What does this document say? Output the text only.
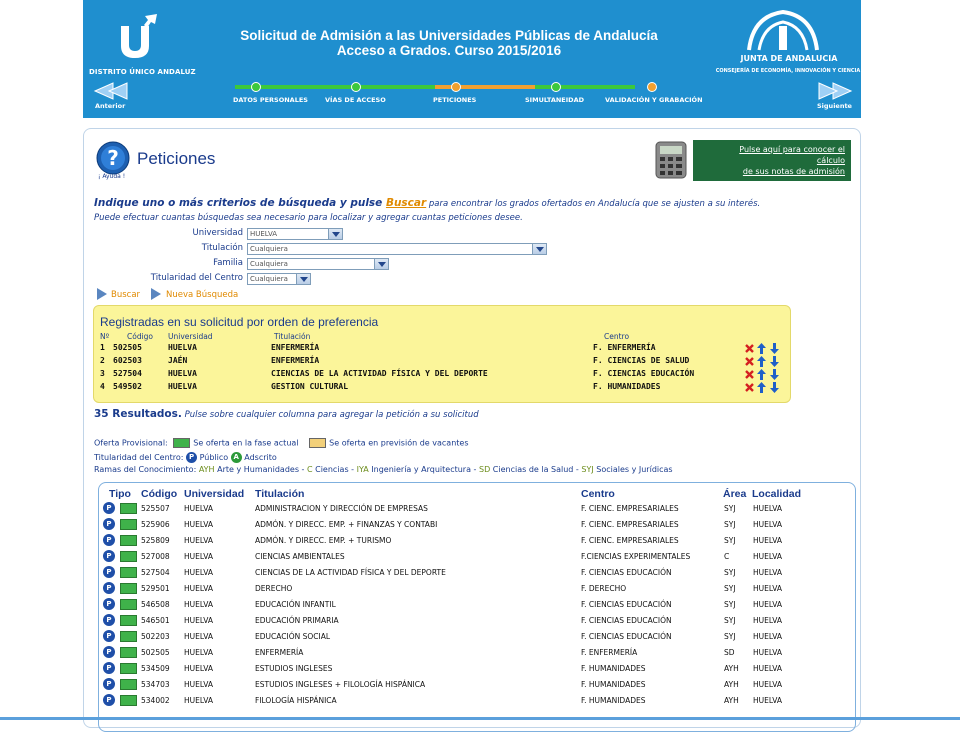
DISTRITO ÚNICO ANDALUZ
Solicitud de Admisión a las Universidades Públicas de Andalucía
Acceso a Grados. Curso 2015/2016
JUNTA DE ANDALUCIA
CONSEJERÍA DE ECONOMÍA, INNOVACIÓN Y CIENCIA
Anterior	Siguiente
DATOS PERSONALES	VÍAS DE ACCESO	PETICIONES	SIMULTANEIDAD	VALIDACIÓN Y GRABACIÓN
?
¡ Ayuda !
Peticiones	Pulse aquí para conocer el
cálculo
de sus notas de admisión
Indique uno o más criterios de búsqueda y pulse Buscar para encontrar los grados ofertados en Andalucía que se ajusten a su interés.
Puede efectuar cuantas búsquedas sea necesario para localizar y agregar cuantas peticiones desee.
Universidad	HUELVA
Titulación	Cualquiera
Familia	Cualquiera
Titularidad del Centro	Cualquiera
Buscar	Nueva Búsqueda
Registradas en su solicitud por orden de preferencia
Nº Código Universidad	Titulación	Centro
1 502505	HUELVA	ENFERMERÍA	F. ENFERMERÍA
2 602503	JAÉN	ENFERMERÍA	F. CIENCIAS DE SALUD
3 527504	HUELVA	CIENCIAS DE LA ACTIVIDAD FÍSICA Y DEL DEPORTE	F. CIENCIAS EDUCACIÓN
4 549502	HUELVA	GESTION CULTURAL	F. HUMANIDADES
35 Resultados. Pulse sobre cualquier columna para agregar la petición a su solicitud
Oferta Provisional:	Se oferta en la fase actual	Se oferta en previsión de vacantes
Titularidad del Centro: P Público A Adscrito
Ramas del Conocimiento: AYH Arte y Humanidades - C Ciencias - IYA Ingeniería y Arquitectura - SD Ciencias de la Salud - SYJ Sociales y Jurídicas
Tipo Código Universidad Titulación	Centro	Área Localidad
P	525507 HUELVA	ADMINISTRACION Y DIRECCIÓN DE EMPRESAS	F. CIENC. EMPRESARIALES	SYJ HUELVA
P	525906 HUELVA	ADMÓN. Y DIRECC. EMP. + FINANZAS Y CONTABI	F. CIENC. EMPRESARIALES	SYJ HUELVA
P	525809 HUELVA	ADMÓN. Y DIRECC. EMP. + TURISMO	F. CIENC. EMPRESARIALES	SYJ HUELVA
P	527008 HUELVA	CIENCIAS AMBIENTALES	F.CIENCIAS EXPERIMENTALES	C	HUELVA
P	527504 HUELVA	CIENCIAS DE LA ACTIVIDAD FÍSICA Y DEL DEPORTE	F. CIENCIAS EDUCACIÓN	SYJ HUELVA
P	529501 HUELVA	DERECHO	F. DERECHO	SYJ HUELVA
P	546508 HUELVA	EDUCACIÓN INFANTIL	F. CIENCIAS EDUCACIÓN	SYJ HUELVA
P	546501 HUELVA	EDUCACIÓN PRIMARIA	F. CIENCIAS EDUCACIÓN	SYJ HUELVA
P	502203 HUELVA	EDUCACIÓN SOCIAL	F. CIENCIAS EDUCACIÓN	SYJ HUELVA
P	502505 HUELVA	ENFERMERÍA	F. ENFERMERÍA	SD HUELVA
P	534509 HUELVA	ESTUDIOS INGLESES	F. HUMANIDADES	AYH HUELVA
P	534703 HUELVA	ESTUDIOS INGLESES + FILOLOGÍA HISPÁNICA	F. HUMANIDADES	AYH HUELVA
P	534002 HUELVA	FILOLOGÍA HISPÁNICA	F. HUMANIDADES	AYH HUELVA
